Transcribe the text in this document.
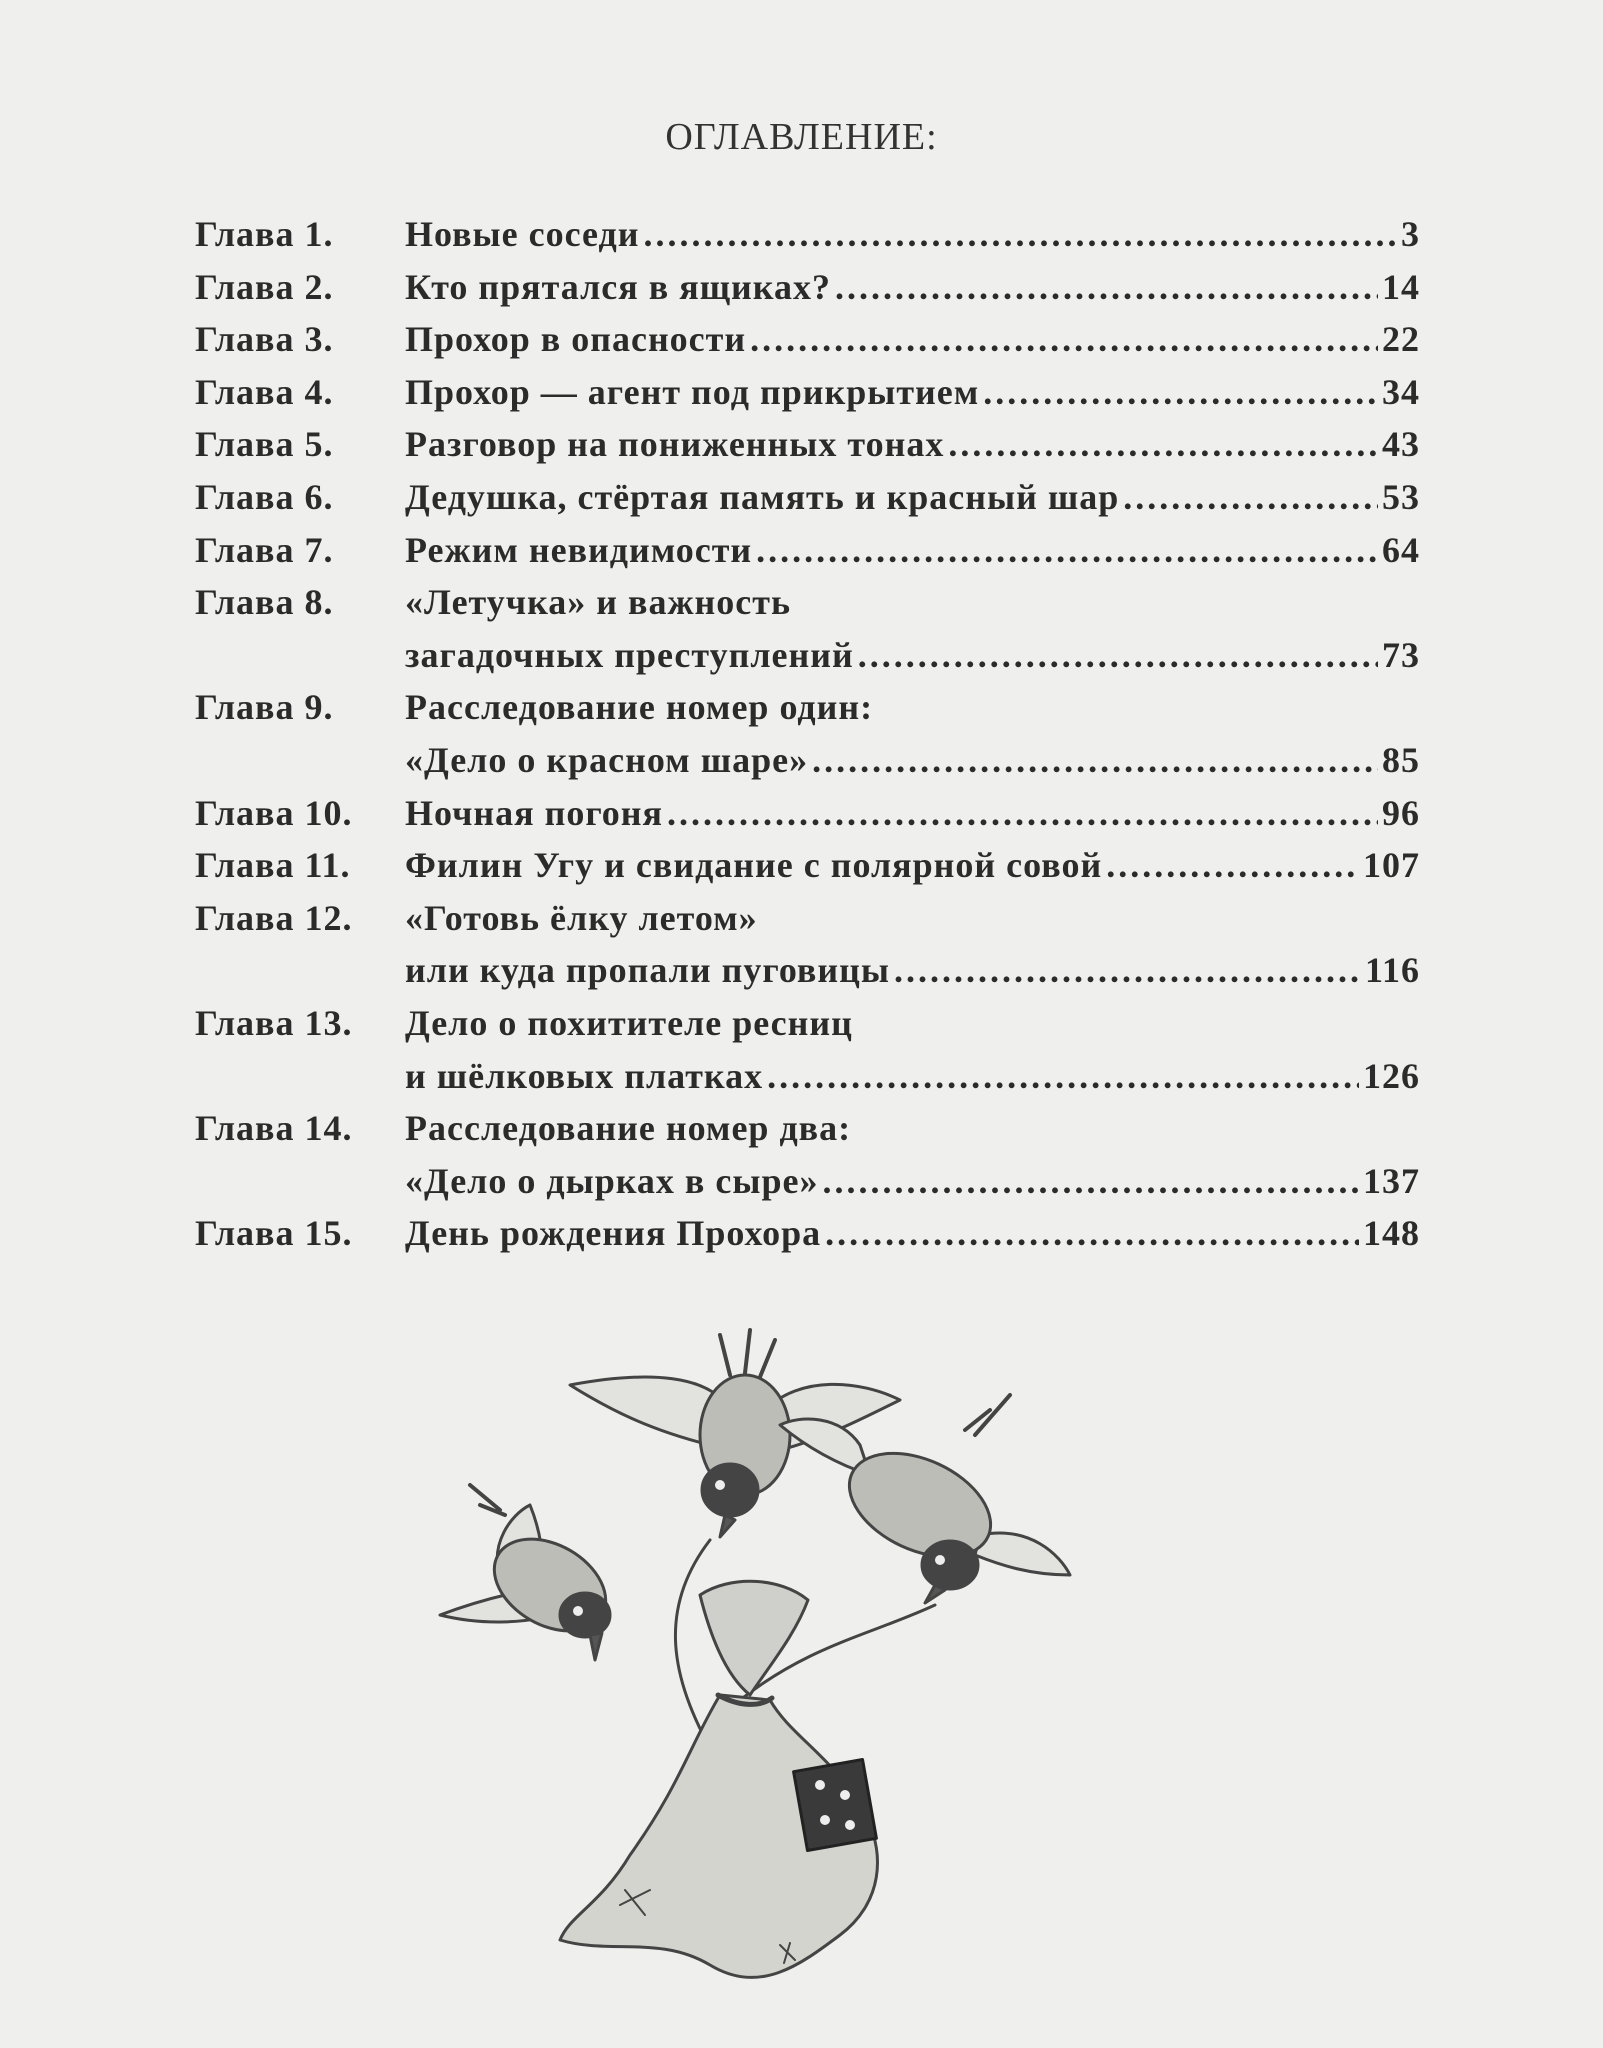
ОГЛАВЛЕНИЕ:
Глава 1.	Новые соседи .....	3
Глава 2.	Кто прятался в ящиках? .....	14
Глава 3.	Прохор в опасности .....	22
Глава 4.	Прохор — агент под прикрытием .....	34
Глава 5.	Разговор на пониженных тонах .....	43
Глава 6.	Дедушка, стёртая память и красный шар .....	53
Глава 7.	Режим невидимости .....	64
Глава 8.	«Летучка» и важность
загадочных преступлений .....	73
Глава 9.	Расследование номер один:
«Дело о красном шаре» .....	85
Глава 10.	Ночная погоня .....	96
Глава 11.	Филин Угу и свидание с полярной совой .....	107
Глава 12.	«Готовь ёлку летом»
или куда пропали пуговицы .....	116
Глава 13.	Дело о похитителе ресниц
и шёлковых платках .....	126
Глава 14.	Расследование номер два:
«Дело о дырках в сыре» .....	137
Глава 15.	День рождения Прохора .....	148
